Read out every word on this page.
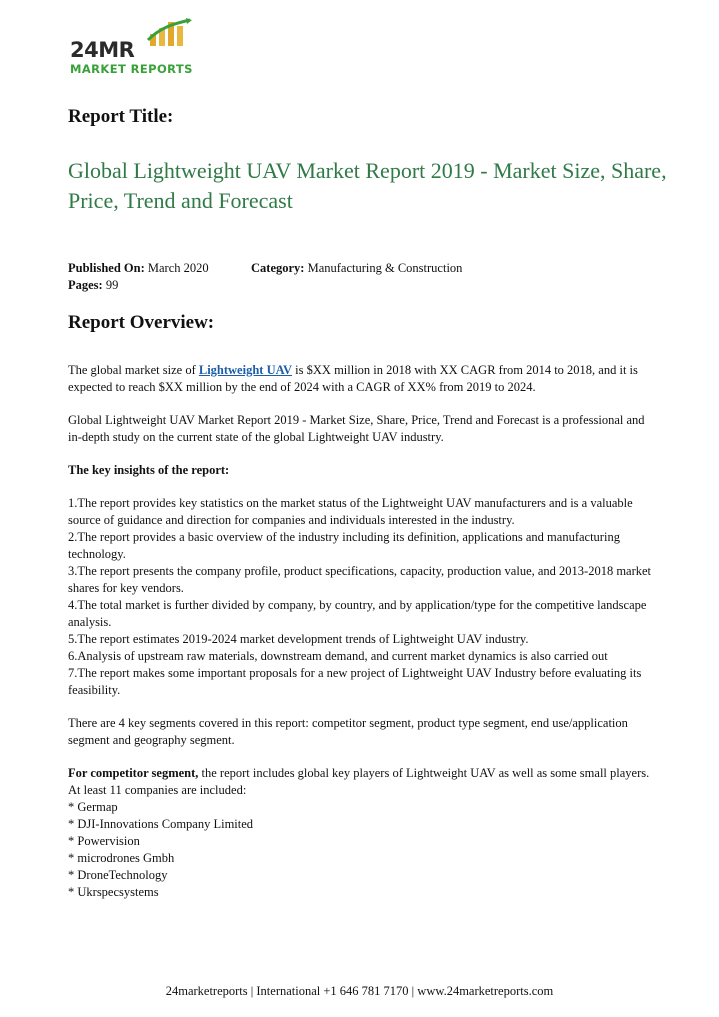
24MR
MARKET REPORTS
Report Title:
Global Lightweight UAV Market Report 2019 - Market Size, Share, Price, Trend and Forecast
Published On: March 2020	Category: Manufacturing & Construction
Pages: 99
Report Overview:

The global market size of Lightweight UAV is $XX million in 2018 with XX CAGR from 2014 to 2018, and it is expected to reach $XX million by the end of 2024 with a CAGR of XX% from 2019 to 2024.

Global Lightweight UAV Market Report 2019 - Market Size, Share, Price, Trend and Forecast is a professional and in-depth study on the current state of the global Lightweight UAV industry.

The key insights of the report:

1.The report provides key statistics on the market status of the Lightweight UAV manufacturers and is a valuable source of guidance and direction for companies and individuals interested in the industry.
2.The report provides a basic overview of the industry including its definition, applications and manufacturing technology.
3.The report presents the company profile, product specifications, capacity, production value, and 2013-2018 market shares for key vendors.
4.The total market is further divided by company, by country, and by application/type for the competitive landscape analysis.
5.The report estimates 2019-2024 market development trends of Lightweight UAV industry.
6.Analysis of upstream raw materials, downstream demand, and current market dynamics is also carried out
7.The report makes some important proposals for a new project of Lightweight UAV Industry before evaluating its feasibility.

There are 4 key segments covered in this report: competitor segment, product type segment, end use/application segment and geography segment.

For competitor segment, the report includes global key players of Lightweight UAV as well as some small players. At least 11 companies are included:

* Germap
* DJI-Innovations Company Limited
* Powervision
* microdrones Gmbh
* DroneTechnology
* Ukrspecsystems
24marketreports | International +1 646 781 7170 | www.24marketreports.com
